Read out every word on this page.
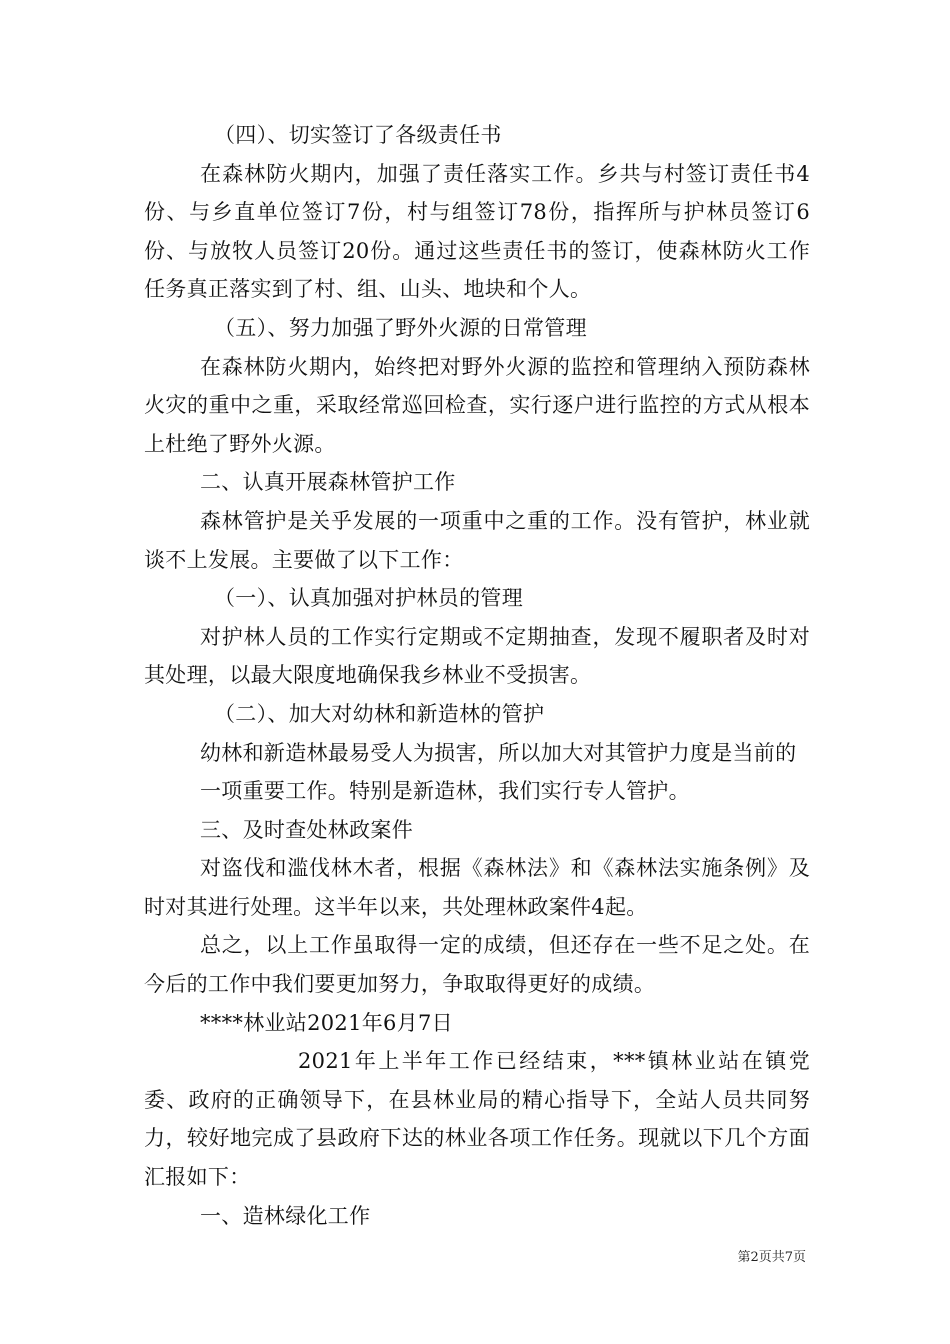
（四）、切实签订了各级责任书

在森林防火期内，加强了责任落实工作。乡共与村签订责任书4份、与乡直单位签订7份，村与组签订78份，指挥所与护林员签订6份、与放牧人员签订20份。通过这些责任书的签订，使森林防火工作任务真正落实到了村、组、山头、地块和个人。

（五）、努力加强了野外火源的日常管理

在森林防火期内，始终把对野外火源的监控和管理纳入预防森林火灾的重中之重，采取经常巡回检查，实行逐户进行监控的方式从根本上杜绝了野外火源。

二、认真开展森林管护工作

森林管护是关乎发展的一项重中之重的工作。没有管护，林业就谈不上发展。主要做了以下工作：

（一）、认真加强对护林员的管理

对护林人员的工作实行定期或不定期抽查，发现不履职者及时对其处理，以最大限度地确保我乡林业不受损害。

（二）、加大对幼林和新造林的管护

幼林和新造林最易受人为损害，所以加大对其管护力度是当前的

一项重要工作。特别是新造林，我们实行专人管护。

三、及时查处林政案件

对盗伐和滥伐林木者，根据《森林法》和《森林法实施条例》及时对其进行处理。这半年以来，共处理林政案件4起。

总之，以上工作虽取得一定的成绩，但还存在一些不足之处。在今后的工作中我们要更加努力，争取取得更好的成绩。

****林业站2021年6月7日

2021年上半年工作已经结束，***镇林业站在镇党委、政府的正确领导下，在县林业局的精心指导下，全站人员共同努力，较好地完成了县政府下达的林业各项工作任务。现就以下几个方面汇报如下：

一、造林绿化工作

第2页共7页
